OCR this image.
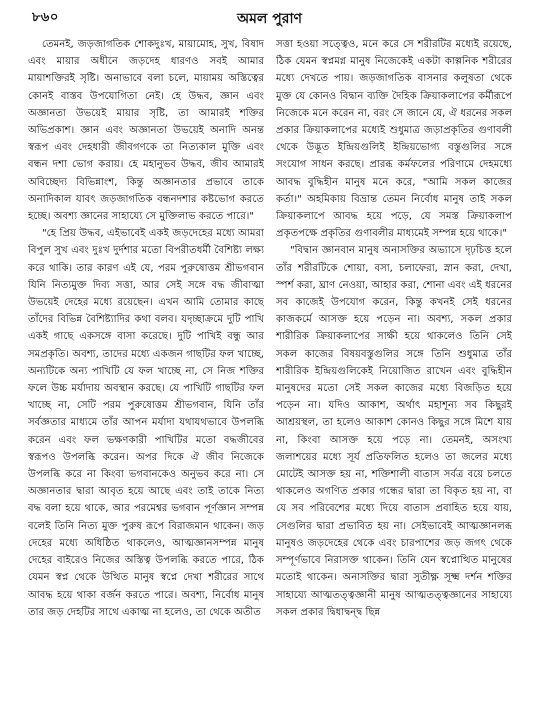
৮৬০	অমল পুরাণ

তেমনই, জড়জাগতিক শোকদুঃখ, মায়ামোহ, সুখ, বিষাদ এবং মায়ার অধীনে জড়দেহ ধারণও সবই আমার মায়াশক্তিরই সৃষ্টি। অনাভাবে বলা চলে, মায়াময় অস্তিত্বের কোনই বাস্তব উপযোগিতা নেই। হে উদ্ধব, জ্ঞান এবং অজ্ঞানতা উভয়েই মায়ার সৃষ্টি, তা আমারই শক্তির অভিপ্রকাশ। জ্ঞান এবং অজ্ঞানতা উভয়েই অনাদি অনন্ত স্বরূপ এবং দেহধারী জীবগণকে তা নিত্যকাল মুক্তি এবং বন্ধন দশা ভোগ করায়। হে মহানুভব উদ্ধব, জীব আমারই অবিচ্ছেদ্য বিভিন্নাংশ, কিন্তু অজ্ঞানতার প্রভাবে তাকে অনাদিকাল যাবৎ জড়জাগতিক বন্ধনদশার কষ্টভোগ করতে হচ্ছে। অবশ্য জ্ঞানের সাহায্যে সে মুক্তিলাভ করতে পারে।"

"হে প্রিয় উদ্ধব, এইভাবেই একই জড়দেহের মধ্যে আমরা বিপুল সুখ এবং দুঃখ দুর্দশার মতো বিপরীতধর্মী বৈশিষ্ট্য লক্ষ্য করে থাকি। তার কারণ এই যে, পরম পুরুষোত্তম শ্রীভগবান যিনি নিত্যমুক্ত দিব্য সত্তা, আর সেই সঙ্গে বদ্ধ জীবাত্মা উভয়েই দেহের মধ্যে রয়েছেন। এখন আমি তোমার কাছে তাঁদের বিভিন্ন বৈশিষ্ট্যাদির কথা বলব। যদৃচ্ছাক্রমে দুটি পাখি একই গাছে একসঙ্গে বাসা করেছে। দুটি পাখিই বন্ধু আর সমপ্রকৃতি। অবশ্য, তাদের মধ্যে একজন গাছটির ফল খাচ্ছে, অন্যটিকে অন্য পাখিটি যে ফল খাচ্ছে না, সে নিজ শক্তির ফলে উচ্চ মর্যাদায় অবস্থান করছে। যে পাখিটি গাছটির ফল খাচ্ছে না, সেটি পরম পুরুষোত্তম শ্রীভগবান, যিনি তাঁর সর্বজ্ঞতার মাধ্যমে তাঁর আপন মর্যাদা যথাযথভাবে উপলব্ধি করেন এবং ফল ভক্ষণকারী পাখিটির মতো বদ্ধজীবের স্বরূপও উপলব্ধি করেন। অপর দিকে ঐ জীব নিজেকে উপলব্ধি করে না কিংবা ভগবানকেও অনুভব করে না। সে অজ্ঞানতার দ্বারা আবৃত হয়ে আছে এবং তাই তাকে নিত্য বদ্ধ বলা হয়ে থাকে, আর পরমেশ্বর ভগবান পূর্ণজ্ঞান সম্পন্ন বলেই তিনি নিত্য মুক্ত পুরুষ রূপে বিরাজমান থাকেন। জড় দেহের মধ্যে অধিষ্ঠিত থাকলেও, আত্মজ্ঞানসম্পন্ন মানুষ দেহের বাইরেও নিজের অস্তিত্ব উপলব্ধি করতে পারে, ঠিক যেমন স্বপ্ন থেকে উত্থিত মানুষ স্বপ্নে দেখা শরীরের সাথে আবদ্ধ হয়ে থাকা বর্জন করতে পারে। অবশ্য, নির্বোধ মানুষ তার জড় দেহটির সাথে একাত্ম না হলেও, তা থেকে অতীত

সত্তা হওয়া সত্ত্বেও, মনে করে সে শরীরটির মধ্যেই রয়েছে, ঠিক যেমন স্বপ্নমগ্ন মানুষ নিজেকেই একটা কাল্পনিক শরীরের মধ্যে দেখতে পায়। জড়জাগতিক বাসনার কলুষতা থেকে মুক্ত যে কোনও বিদ্বান ব্যক্তি দৈহিক ক্রিয়াকলাপের কর্মীরূপে নিজেকে মনে করেন না, বরং সে জানে যে, ঐ ধরনের সকল প্রকার ক্রিয়াকলাপের মধ্যেই শুধুমাত্র জড়াপ্রকৃতির গুণাবলী থেকে উদ্ভূত ইন্দ্রিয়গুলিই ইন্দ্রিয়ভোগ্য বস্তুগুলির সঙ্গে সংযোগ সাধন করছে। প্রারব্ধ কর্মফলের পরিণামে দেহমধ্যে আবদ্ধ বুদ্ধিহীন মানুষ মনে করে, "আমি সকল কাজের কর্তা।" অহমিকায় বিভ্রান্ত তেমন নির্বোধ মানুষ তাই সকল ক্রিয়াকলাপে আবদ্ধ হয়ে পড়ে, যে সমস্ত ক্রিয়াকলাপ প্রকৃতপক্ষে প্রকৃতির গুণাবলীর মাধ্যমেই সম্পন্ন হয়ে থাকে।"

"বিদ্বান জ্ঞানবান মানুষ অনাসক্তির অভ্যাসে দৃঢ়চিত্ত হলে তাঁর শরীরটিকে শোয়া, বসা, চলাফেরা, স্নান করা, দেখা, স্পর্শ করা, ঘ্রাণ নেওয়া, আহার করা, শোনা এবং এই ধরনের সব কাজেই উপযোগ করেন, কিন্তু কখনই সেই ধরনের কাজকর্মে আসক্ত হয়ে পড়েন না। অবশ্য, সকল প্রকার শারীরিক ক্রিয়াকলাপের সাক্ষী হয়ে থাকলেও তিনি সেই সকল কাজের বিষয়বস্তুগুলির সঙ্গে তিনি শুধুমাত্র তাঁর শারীরিক ইন্দ্রিয়গুলিকেই নিয়োজিত রাখেন এবং বুদ্ধিহীন মানুষদের মতো সেই সকল কাজের মধ্যে বিজড়িত হয়ে পড়েন না। যদিও আকাশ, অর্থাৎ মহাশূন্য সব কিছুরই আশ্রয়স্থল, তা হলেও আকাশ কোনও কিছুর সঙ্গে মিশে যায় না, কিংবা আসক্ত হয়ে পড়ে না। তেমনই, অসংখ্য জলাশয়ের মধ্যে সূর্য প্রতিফলিত হলেও তা জলের মধ্যে মোটেই আসক্ত হয় না, শক্তিশালী বাতাস সর্বত্র বয়ে চলতে থাকলেও অগণিত প্রকার গন্ধের দ্বারা তা বিকৃত হয় না, বা যে সব পরিবেশের মধ্যে দিয়ে বাতাস প্রবাহিত হয়ে যায়, সেগুলির দ্বারা প্রভাবিত হয় না। সেইভাবেই আত্মজ্ঞানলব্ধ মানুষও জড়দেহের থেকে এবং চারপাশের জড় জগৎ থেকে সম্পূর্ণভাবে নিরাসক্ত থাকেন। তিনি যেন স্বপ্নোত্থিত মানুষের মতোই থাকেন। অনাসক্তির দ্বারা সুতীক্ষ্ণ সূক্ষ্ম দর্শন শক্তির সাহায্যে আত্মতত্ত্বজ্ঞানী মানুষ আত্মতত্ত্বজ্ঞানের সাহায্যে সকল প্রকার দ্বিধাদ্বন্দ্ব ছিন্ন
